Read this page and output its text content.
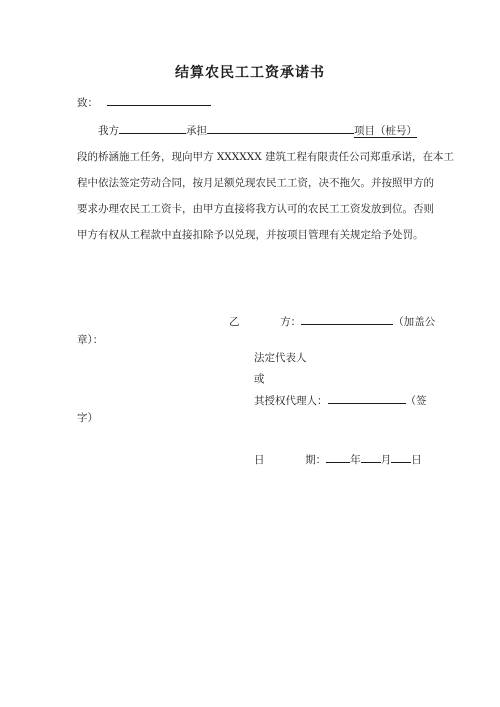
结算农民工工资承诺书
致：
我方	承担	项目（桩号）
段的桥涵施工任务，现向甲方 XXXXXX 建筑工程有限责任公司郑重承诺，在本工
程中依法签定劳动合同，按月足额兑现农民工工资，决不拖欠。并按照甲方的
要求办理农民工工资卡，由甲方直接将我方认可的农民工工资发放到位。否则
甲方有权从工程款中直接扣除予以兑现，并按项目管理有关规定给予处罚。
乙	方：	（加盖公
章）：
法定代表人
或
其授权代理人：	（签
字）
日	期： 年 月 日
